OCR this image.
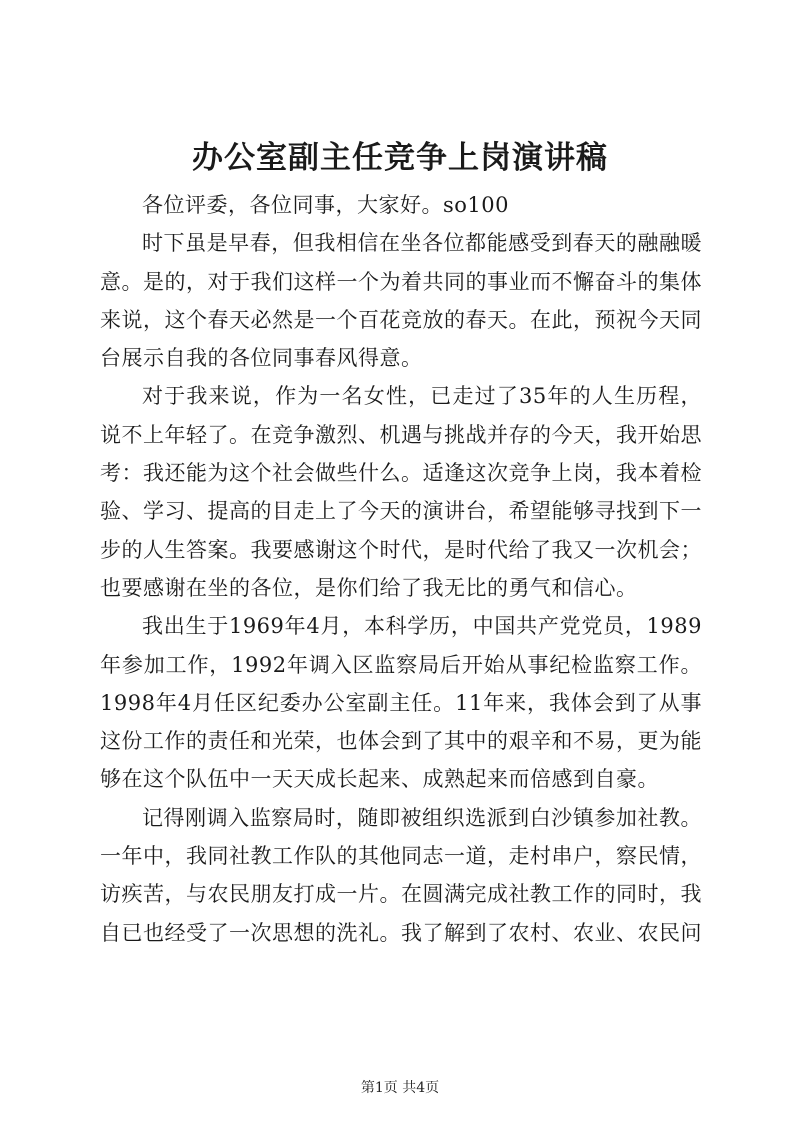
办公室副主任竞争上岗演讲稿

各位评委，各位同事，大家好。so100

时下虽是早春，但我相信在坐各位都能感受到春天的融融暖意。是的，对于我们这样一个为着共同的事业而不懈奋斗的集体来说，这个春天必然是一个百花竞放的春天。在此，预祝今天同台展示自我的各位同事春风得意。

对于我来说，作为一名女性，已走过了35年的人生历程，说不上年轻了。在竞争激烈、机遇与挑战并存的今天，我开始思考：我还能为这个社会做些什么。适逢这次竞争上岗，我本着检验、学习、提高的目走上了今天的演讲台，希望能够寻找到下一步的人生答案。我要感谢这个时代，是时代给了我又一次机会；也要感谢在坐的各位，是你们给了我无比的勇气和信心。

我出生于1969年4月，本科学历，中国共产党党员，1989年参加工作，1992年调入区监察局后开始从事纪检监察工作。1998年4月任区纪委办公室副主任。11年来，我体会到了从事这份工作的责任和光荣，也体会到了其中的艰辛和不易，更为能够在这个队伍中一天天成长起来、成熟起来而倍感到自豪。

记得刚调入监察局时，随即被组织选派到白沙镇参加社教。一年中，我同社教工作队的其他同志一道，走村串户，察民情，访疾苦，与农民朋友打成一片。在圆满完成社教工作的同时，我自已也经受了一次思想的洗礼。我了解到了农村、农业、农民问

第1页 共4页
